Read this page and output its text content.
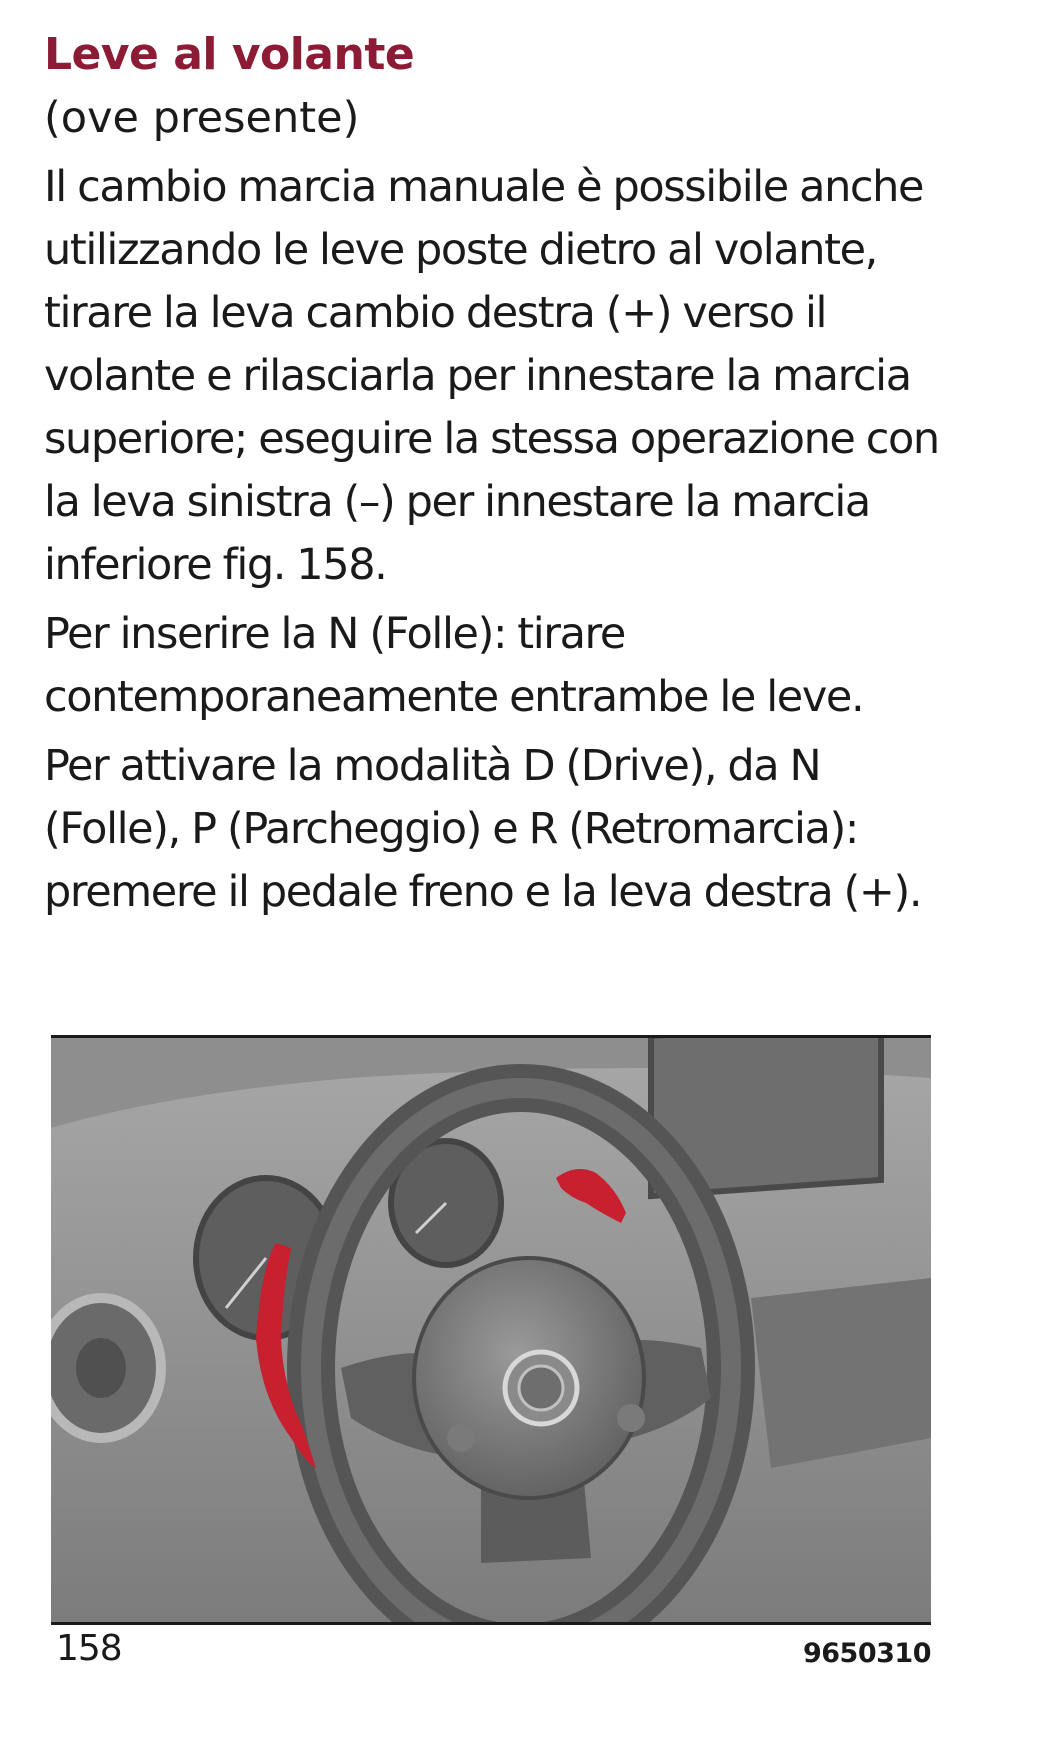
Leve al volante
(ove presente)

Il cambio marcia manuale è possibile anche utilizzando le leve poste dietro al volante, tirare la leva cambio destra (+) verso il volante e rilasciarla per innestare la marcia superiore; eseguire la stessa operazione con la leva sinistra (–) per innestare la marcia inferiore fig. 158.

Per inserire la N (Folle): tirare contemporaneamente entrambe le leve.

Per attivare la modalità D (Drive), da N (Folle), P (Parcheggio) e R (Retromarcia): premere il pedale freno e la leva destra (+).

158	9650310
